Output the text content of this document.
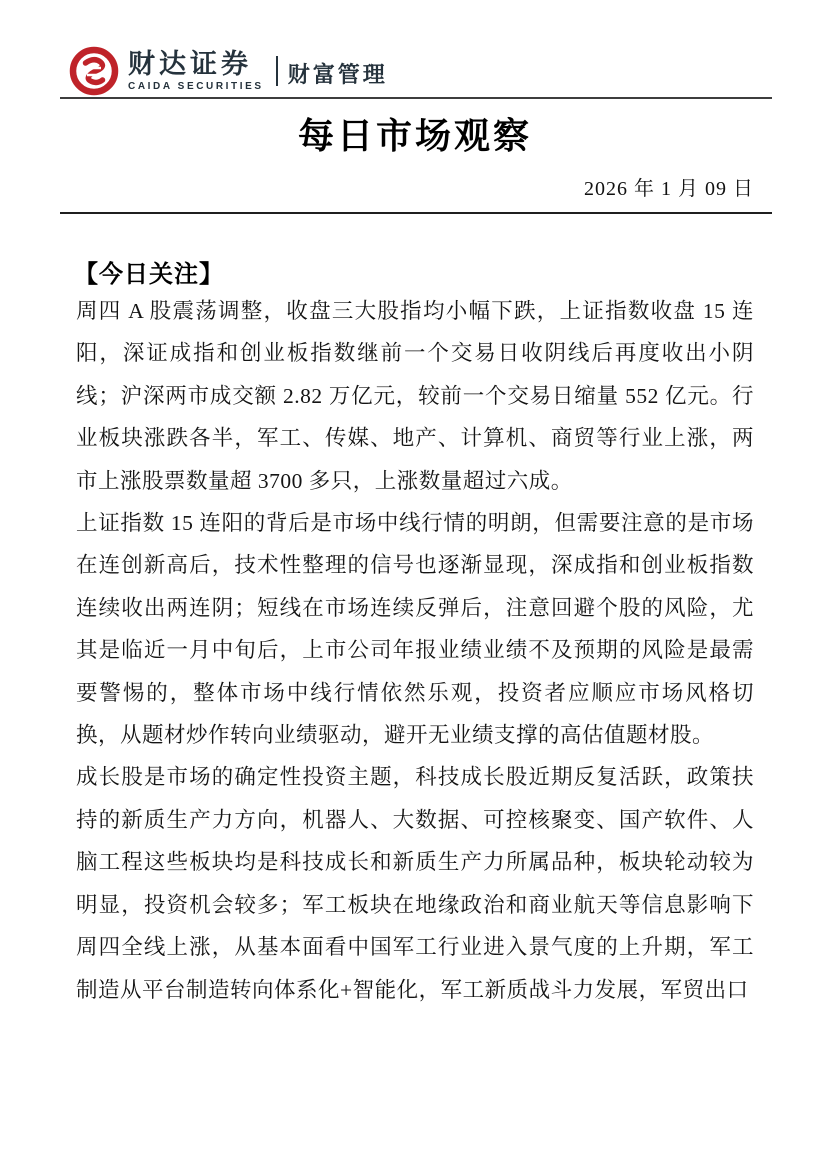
财达证券
CAIDA SECURITIES 财富管理
每日市场观察
2026 年 1 月 09 日
【今日关注】

周四 A 股震荡调整，收盘三大股指均小幅下跌，上证指数收盘 15 连阳，深证成指和创业板指数继前一个交易日收阴线后再度收出小阴线；沪深两市成交额 2.82 万亿元，较前一个交易日缩量 552 亿元。行业板块涨跌各半，军工、传媒、地产、计算机、商贸等行业上涨，两市上涨股票数量超 3700 多只，上涨数量超过六成。

上证指数 15 连阳的背后是市场中线行情的明朗，但需要注意的是市场在连创新高后，技术性整理的信号也逐渐显现，深成指和创业板指数连续收出两连阴；短线在市场连续反弹后，注意回避个股的风险，尤其是临近一月中旬后，上市公司年报业绩业绩不及预期的风险是最需要警惕的，整体市场中线行情依然乐观，投资者应顺应市场风格切换，从题材炒作转向业绩驱动，避开无业绩支撑的高估值题材股。

成长股是市场的确定性投资主题，科技成长股近期反复活跃，政策扶持的新质生产力方向，机器人、大数据、可控核聚变、国产软件、人脑工程这些板块均是科技成长和新质生产力所属品种，板块轮动较为明显，投资机会较多；军工板块在地缘政治和商业航天等信息影响下周四全线上涨，从基本面看中国军工行业进入景气度的上升期，军工制造从平台制造转向体系化+智能化，军工新质战斗力发展，军贸出口
